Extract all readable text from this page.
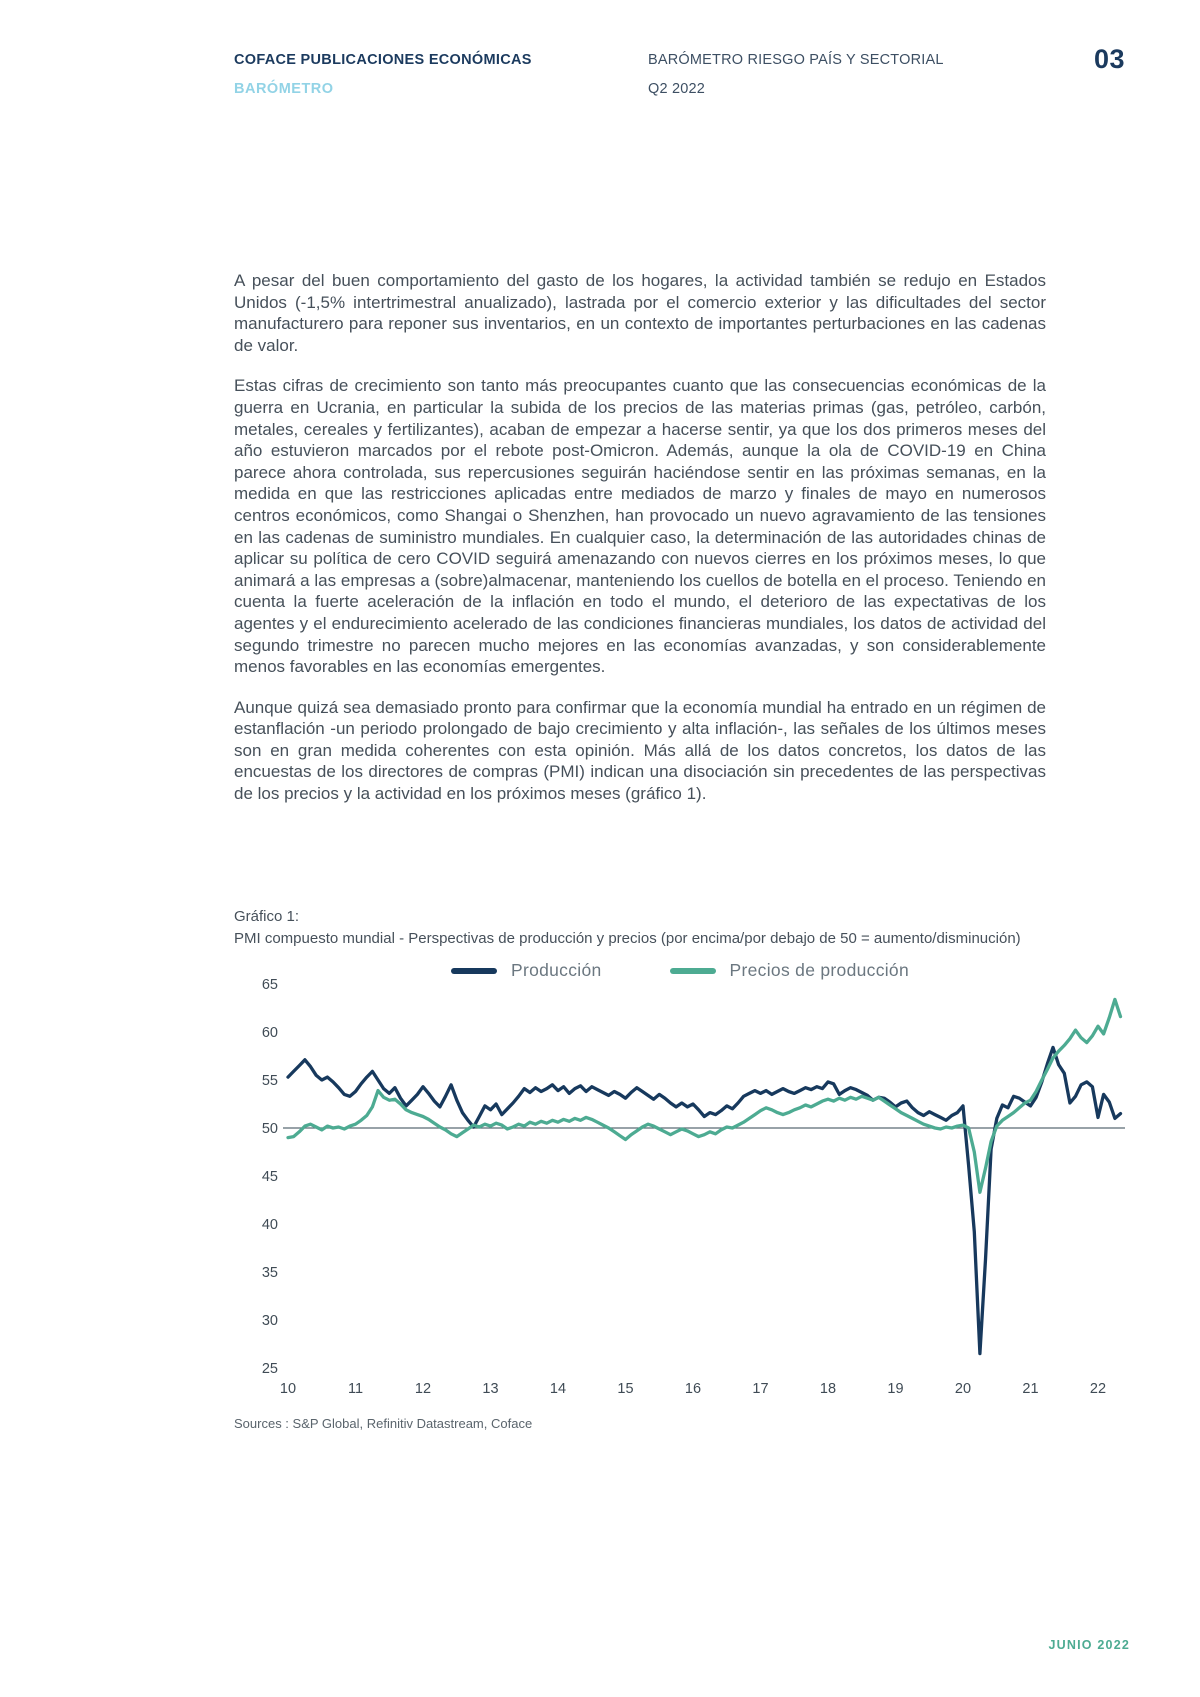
COFACE PUBLICACIONES ECONÓMICAS
BARÓMETRO
BARÓMETRO RIESGO PAÍS Y SECTORIAL
Q2 2022
03

A pesar del buen comportamiento del gasto de los hogares, la actividad también se redujo en Estados Unidos (-1,5% intertrimestral anualizado), lastrada por el comercio exterior y las dificultades del sector manufacturero para reponer sus inventarios, en un contexto de importantes perturbaciones en las cadenas de valor.

Estas cifras de crecimiento son tanto más preocupantes cuanto que las consecuencias económicas de la guerra en Ucrania, en particular la subida de los precios de las materias primas (gas, petróleo, carbón, metales, cereales y fertilizantes), acaban de empezar a hacerse sentir, ya que los dos primeros meses del año estuvieron marcados por el rebote post-Omicron. Además, aunque la ola de COVID-19 en China parece ahora controlada, sus repercusiones seguirán haciéndose sentir en las próximas semanas, en la medida en que las restricciones aplicadas entre mediados de marzo y finales de mayo en numerosos centros económicos, como Shangai o Shenzhen, han provocado un nuevo agravamiento de las tensiones en las cadenas de suministro mundiales. En cualquier caso, la determinación de las autoridades chinas de aplicar su política de cero COVID seguirá amenazando con nuevos cierres en los próximos meses, lo que animará a las empresas a (sobre)almacenar, manteniendo los cuellos de botella en el proceso. Teniendo en cuenta la fuerte aceleración de la inflación en todo el mundo, el deterioro de las expectativas de los agentes y el endurecimiento acelerado de las condiciones financieras mundiales, los datos de actividad del segundo trimestre no parecen mucho mejores en las economías avanzadas, y son considerablemente menos favorables en las economías emergentes.

Aunque quizá sea demasiado pronto para confirmar que la economía mundial ha entrado en un régimen de estanflación -un periodo prolongado de bajo crecimiento y alta inflación-, las señales de los últimos meses son en gran medida coherentes con esta opinión. Más allá de los datos concretos, los datos de las encuestas de los directores de compras (PMI) indican una disociación sin precedentes de las perspectivas de los precios y la actividad en los próximos meses (gráfico 1).

Gráfico 1:
PMI compuesto mundial - Perspectivas de producción y precios (por encima/por debajo de 50 = aumento/disminución)
Producción	Precios de producción
65
60
55
50
45
40
35
30
25
10	11	12	13	14	15	16	17	18	19	20	21	22
Sources : S&P Global, Refinitiv Datastream, Coface
JUNIO 2022
